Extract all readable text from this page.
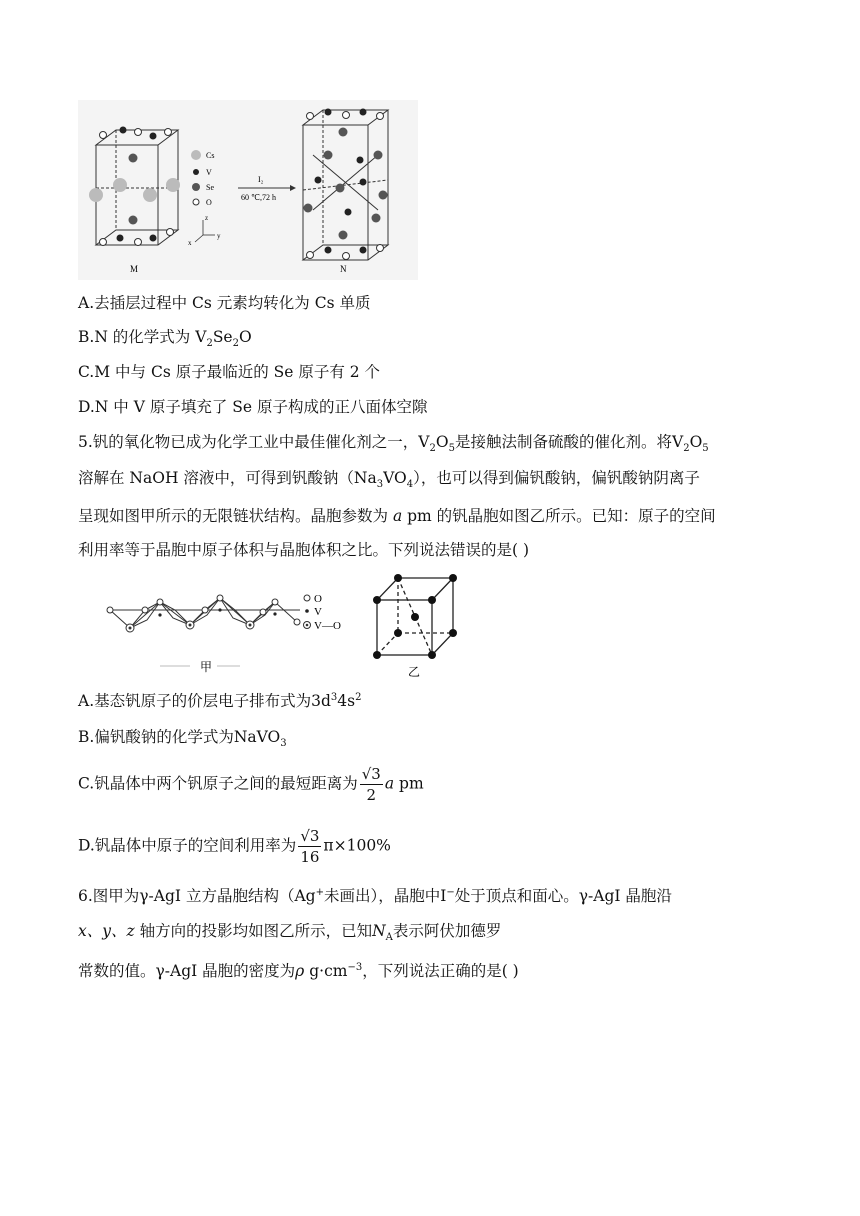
M
Cs
V
Se
O
z
x
y
I₂
60 ℃,72 h
N
A.去插层过程中 Cs 元素均转化为 Cs 单质
B.N 的化学式为 $V_2Se_2O$
C.M 中与 Cs 原子最临近的 Se 原子有 2 个
D.N 中 V 原子填充了 Se 原子构成的正八面体空隙
5.钒的氧化物已成为化学工业中最佳催化剂之一，$V_2O_5$是接触法制备硫酸的催化剂。将$V_2O_5$
溶解在 NaOH 溶液中，可得到钒酸钠$(Na_3VO_4)$，也可以得到偏钒酸钠，偏钒酸钠阴离子
呈现如图甲所示的无限链状结构。晶胞参数为 a pm 的钒晶胞如图乙所示。已知：原子的空间
利用率等于晶胞中原子体积与晶胞体积之比。下列说法错误的是( )
O
V
V—O
甲	乙
A.基态钒原子的价层电子排布式为$3d^34s^2$
B.偏钒酸钠的化学式为NaVO$_3$
C.钒晶体中两个钒原子之间的最短距离为 $\frac{√3}{2}$ a pm
D.钒晶体中原子的空间利用率为 $\frac{√3}{16} \pi\times 100\%$
6.图甲为γ-AgI 立方晶胞结构（Ag+未画出），晶胞中I−处于顶点和面心。γ-AgI 晶胞沿
x、y、z 轴方向的投影均如图乙所示，已知$N_A$表示阿伏加德罗
常数的值。γ-AgI 晶胞的密度为ρ $g\cdot cm^{-3}$，下列说法正确的是( )
